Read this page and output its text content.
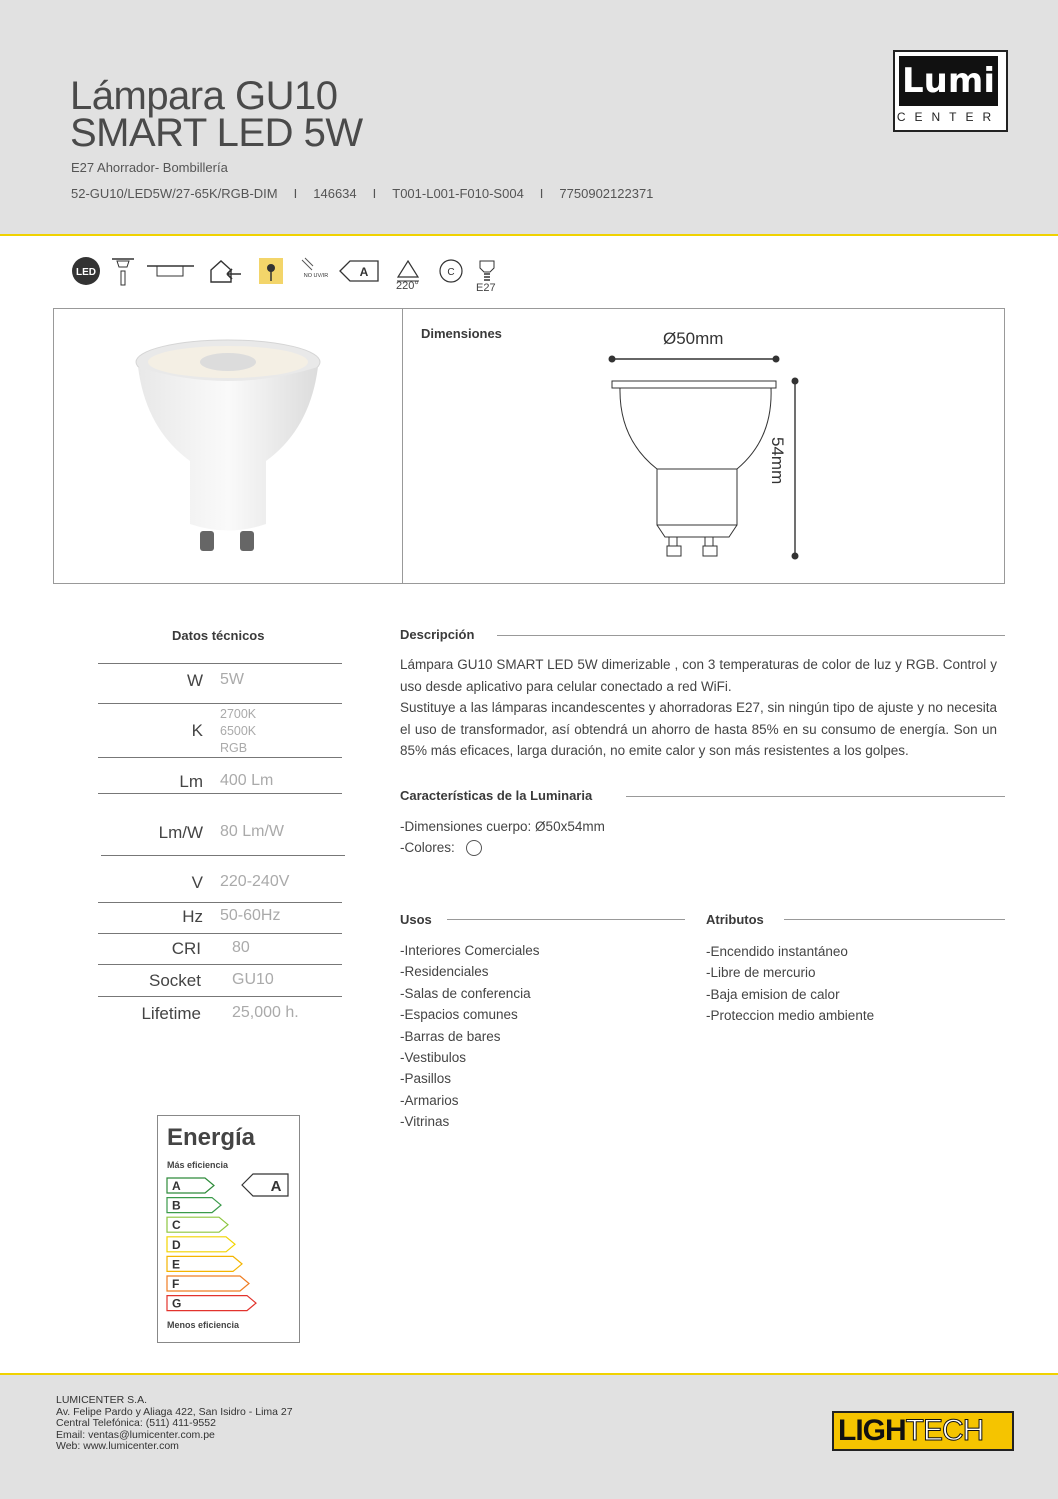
Lámpara GU10
SMART LED 5W
E27 Ahorrador- Bombillería
52-GU10/LED5W/27-65K/RGB-DIM I 146634 I T001-L001-F010-S004 I 7750902122371
Lumi
CENTER
LED	NO UV/IR	A
220°
C
E27
Dimensiones	Ø50mm
54mm
Datos técnicos
W 5W
K
2700K
6500K
RGB
Lm 400 Lm
Lm/W 80 Lm/W
V 220-240V
Hz 50-60Hz
CRI 80
Socket GU10
Lifetime 25,000 h.
Descripción
Lámpara GU10 SMART LED 5W dimerizable , con 3 temperaturas de color de luz y RGB. Control y uso desde aplicativo para celular conectado a red WiFi.
Sustituye a las lámparas incandescentes y ahorradoras E27, sin ningún tipo de ajuste y no necesita el uso de transformador, así obtendrá un ahorro de hasta 85% en su consumo de energía. Son un 85% más eficaces, larga duración, no emite calor y son más resistentes a los golpes.
Características de la Luminaria
-Dimensiones cuerpo: Ø50x54mm
-Colores:
Usos
-Interiores Comerciales
-Residenciales
-Salas de conferencia
-Espacios comunes
-Barras de bares
-Vestibulos
-Pasillos
-Armarios
-Vitrinas
Atributos
-Encendido instantáneo
-Libre de mercurio
-Baja emision de calor
-Proteccion medio ambiente
Energía
Más eficiencia
A
B
C
D
E
F
G
A
Menos eficiencia
LUMICENTER S.A.
Av. Felipe Pardo y Aliaga 422, San Isidro - Lima 27
Central Telefónica: (511) 411-9552
Email: ventas@lumicenter.com.pe
Web: www.lumicenter.com	LIGHTECH
